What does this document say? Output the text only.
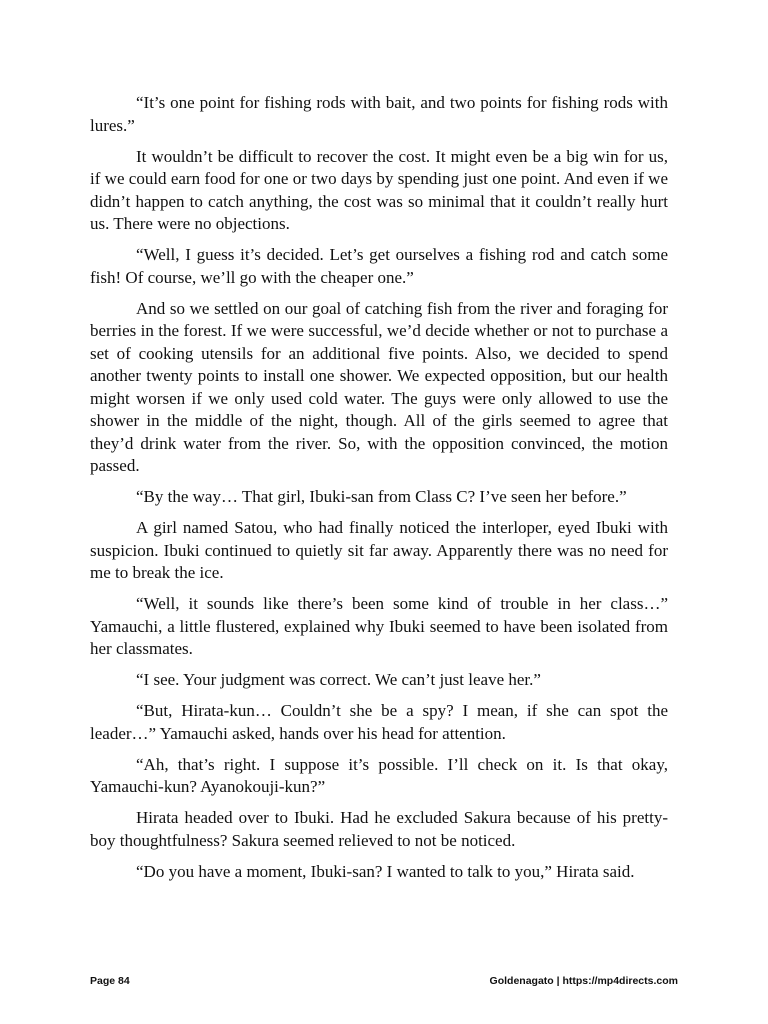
“It’s one point for fishing rods with bait, and two points for fishing rods with lures.”

It wouldn’t be difficult to recover the cost. It might even be a big win for us, if we could earn food for one or two days by spending just one point. And even if we didn’t happen to catch anything, the cost was so minimal that it couldn’t really hurt us. There were no objections.

“Well, I guess it’s decided. Let’s get ourselves a fishing rod and catch some fish! Of course, we’ll go with the cheaper one.”

And so we settled on our goal of catching fish from the river and foraging for berries in the forest. If we were successful, we’d decide whether or not to purchase a set of cooking utensils for an additional five points. Also, we decided to spend another twenty points to install one shower. We expected opposition, but our health might worsen if we only used cold water. The guys were only allowed to use the shower in the middle of the night, though. All of the girls seemed to agree that they’d drink water from the river. So, with the opposition convinced, the motion passed.

“By the way… That girl, Ibuki-san from Class C? I’ve seen her before.”

A girl named Satou, who had finally noticed the interloper, eyed Ibuki with suspicion. Ibuki continued to quietly sit far away. Apparently there was no need for me to break the ice.

“Well, it sounds like there’s been some kind of trouble in her class…” Yamauchi, a little flustered, explained why Ibuki seemed to have been isolated from her classmates.

“I see. Your judgment was correct. We can’t just leave her.”

“But, Hirata-kun… Couldn’t she be a spy? I mean, if she can spot the leader…” Yamauchi asked, hands over his head for attention.

“Ah, that’s right. I suppose it’s possible. I’ll check on it. Is that okay, Yamauchi-kun? Ayanokouji-kun?”

Hirata headed over to Ibuki. Had he excluded Sakura because of his pretty-boy thoughtfulness? Sakura seemed relieved to not be noticed.

“Do you have a moment, Ibuki-san? I wanted to talk to you,” Hirata said.

Page 84	Goldenagato | https://mp4directs.com
